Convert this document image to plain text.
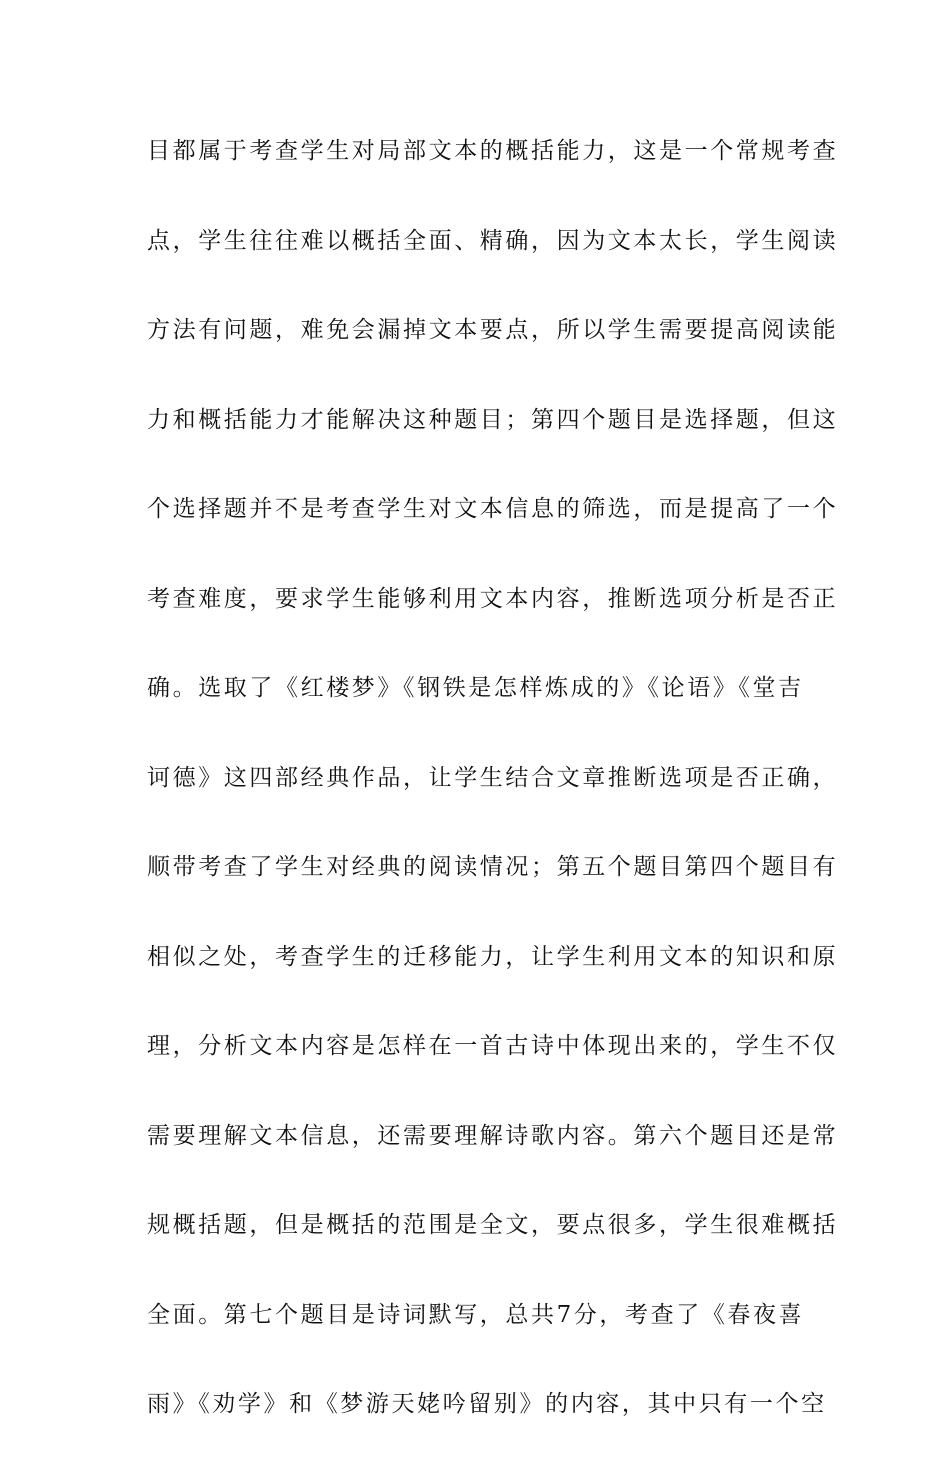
目都属于考查学生对局部文本的概括能力，这是一个常规考查
点，学生往往难以概括全面、精确，因为文本太长，学生阅读
方法有问题，难免会漏掉文本要点，所以学生需要提高阅读能
力和概括能力才能解决这种题目；第四个题目是选择题，但这
个选择题并不是考查学生对文本信息的筛选，而是提高了一个
考查难度，要求学生能够利用文本内容，推断选项分析是否正
确。选取了《红楼梦》《钢铁是怎样炼成的》《论语》《堂吉
诃德》这四部经典作品，让学生结合文章推断选项是否正确，
顺带考查了学生对经典的阅读情况；第五个题目第四个题目有
相似之处，考查学生的迁移能力，让学生利用文本的知识和原
理，分析文本内容是怎样在一首古诗中体现出来的，学生不仅
需要理解文本信息，还需要理解诗歌内容。第六个题目还是常
规概括题，但是概括的范围是全文，要点很多，学生很难概括
全面。第七个题目是诗词默写，总共7分，考查了《春夜喜
雨》《劝学》和《梦游天姥吟留别》的内容，其中只有一个空
